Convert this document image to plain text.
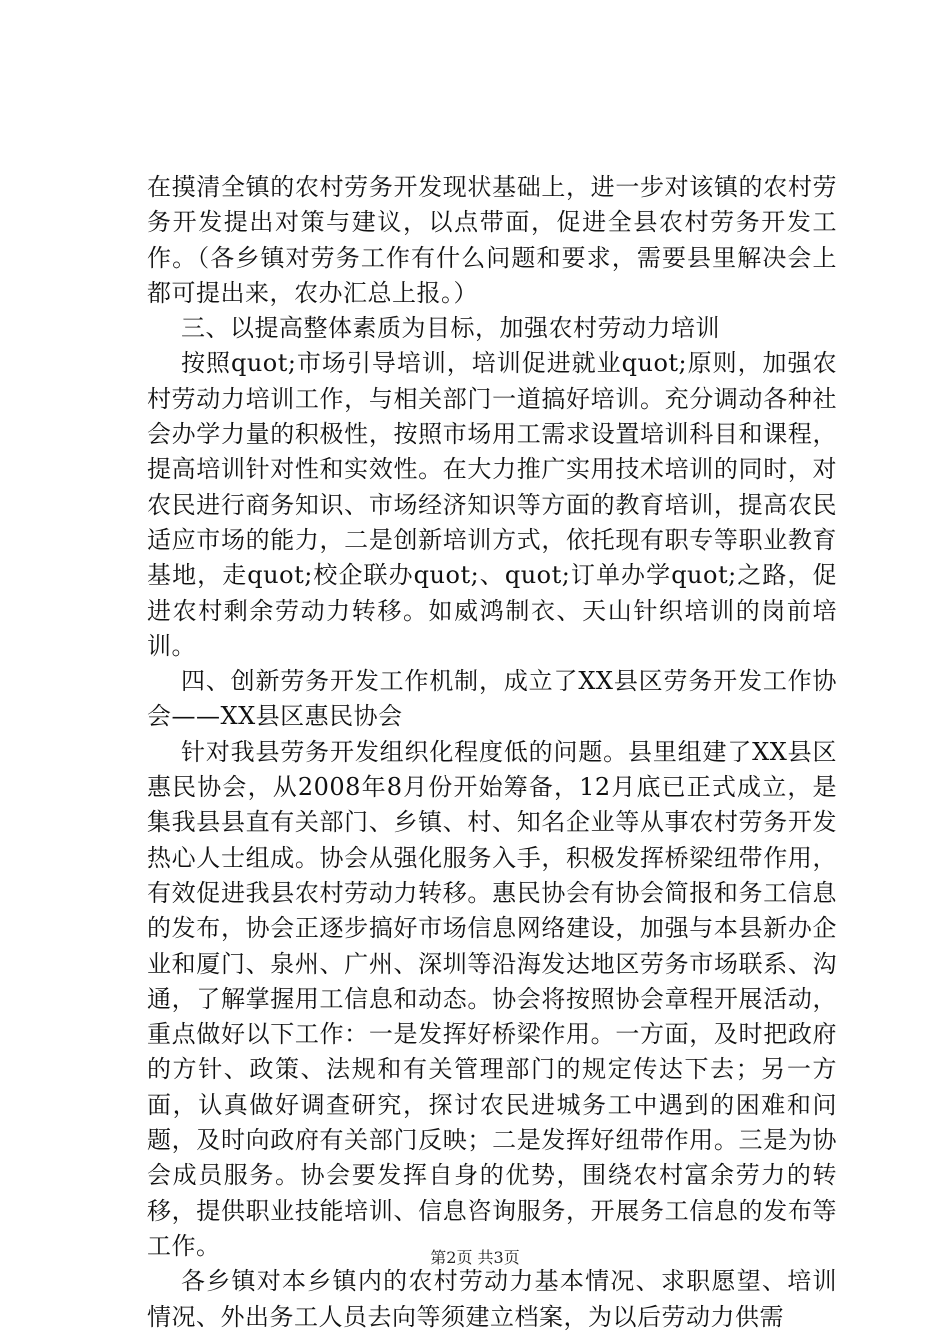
在摸清全镇的农村劳务开发现状基础上，进一步对该镇的农村劳务开发提出对策与建议，以点带面，促进全县农村劳务开发工作。（各乡镇对劳务工作有什么问题和要求，需要县里解决会上都可提出来，农办汇总上报。）

三、以提高整体素质为目标，加强农村劳动力培训

按照quot;市场引导培训，培训促进就业quot;原则，加强农村劳动力培训工作，与相关部门一道搞好培训。充分调动各种社会办学力量的积极性，按照市场用工需求设置培训科目和课程，提高培训针对性和实效性。在大力推广实用技术培训的同时，对农民进行商务知识、市场经济知识等方面的教育培训，提高农民适应市场的能力，二是创新培训方式，依托现有职专等职业教育基地，走quot;校企联办quot;、quot;订单办学quot;之路，促进农村剩余劳动力转移。如威鸿制衣、天山针织培训的岗前培训。

四、创新劳务开发工作机制，成立了XX县区劳务开发工作协会——XX县区惠民协会

针对我县劳务开发组织化程度低的问题。县里组建了XX县区惠民协会，从2008年8月份开始筹备，12月底已正式成立，是集我县县直有关部门、乡镇、村、知名企业等从事农村劳务开发热心人士组成。协会从强化服务入手，积极发挥桥梁纽带作用，有效促进我县农村劳动力转移。惠民协会有协会简报和务工信息的发布，协会正逐步搞好市场信息网络建设，加强与本县新办企业和厦门、泉州、广州、深圳等沿海发达地区劳务市场联系、沟通，了解掌握用工信息和动态。协会将按照协会章程开展活动，重点做好以下工作：一是发挥好桥梁作用。一方面，及时把政府的方针、政策、法规和有关管理部门的规定传达下去；另一方面，认真做好调查研究，探讨农民进城务工中遇到的困难和问题，及时向政府有关部门反映；二是发挥好纽带作用。三是为协会成员服务。协会要发挥自身的优势，围绕农村富余劳力的转移，提供职业技能培训、信息咨询服务，开展务工信息的发布等工作。

各乡镇对本乡镇内的农村劳动力基本情况、求职愿望、培训情况、外出务工人员去向等须建立档案，为以后劳动力供需

第2页 共3页
